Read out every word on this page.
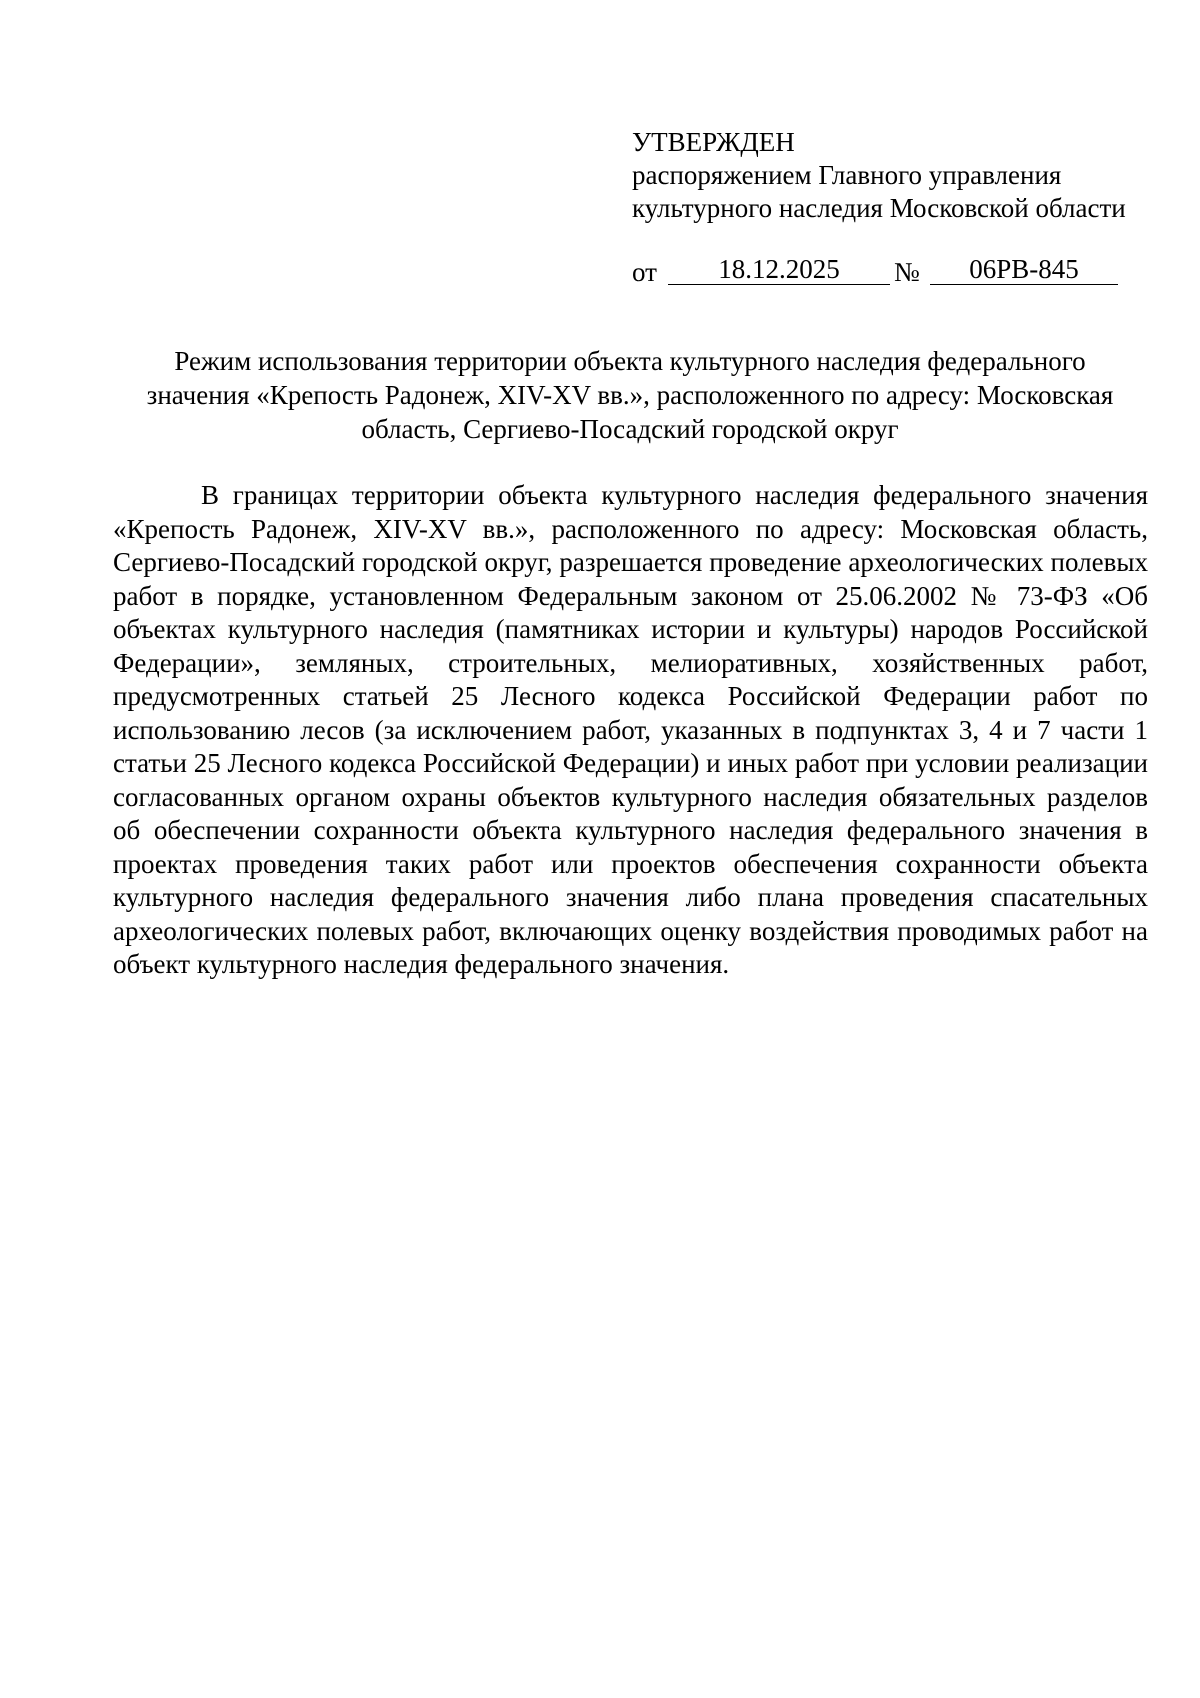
УТВЕРЖДЕН
распоряжением Главного управления
культурного наследия Московской области
от	18.12.2025	№	06РВ-845
Режим использования территории объекта культурного наследия федерального
значения «Крепость Радонеж, XIV-XV вв.», расположенного по адресу: Московская
область, Сергиево-Посадский городской округ

В границах территории объекта культурного наследия федерального значения «Крепость Радонеж, XIV-XV вв.», расположенного по адресу: Московская область, Сергиево-Посадский городской округ, разрешается проведение археологических полевых работ в порядке, установленном Федеральным законом от 25.06.2002 № 73-ФЗ «Об объектах культурного наследия (памятниках истории и культуры) народов Российской Федерации», земляных, строительных, мелиоративных, хозяйственных работ, предусмотренных статьей 25 Лесного кодекса Российской Федерации работ по использованию лесов (за исключением работ, указанных в подпунктах 3, 4 и 7 части 1 статьи 25 Лесного кодекса Российской Федерации) и иных работ при условии реализации согласованных органом охраны объектов культурного наследия обязательных разделов об обеспечении сохранности объекта культурного наследия федерального значения в проектах проведения таких работ или проектов обеспечения сохранности объекта культурного наследия федерального значения либо плана проведения спасательных археологических полевых работ, включающих оценку воздействия проводимых работ на объект культурного наследия федерального значения.
